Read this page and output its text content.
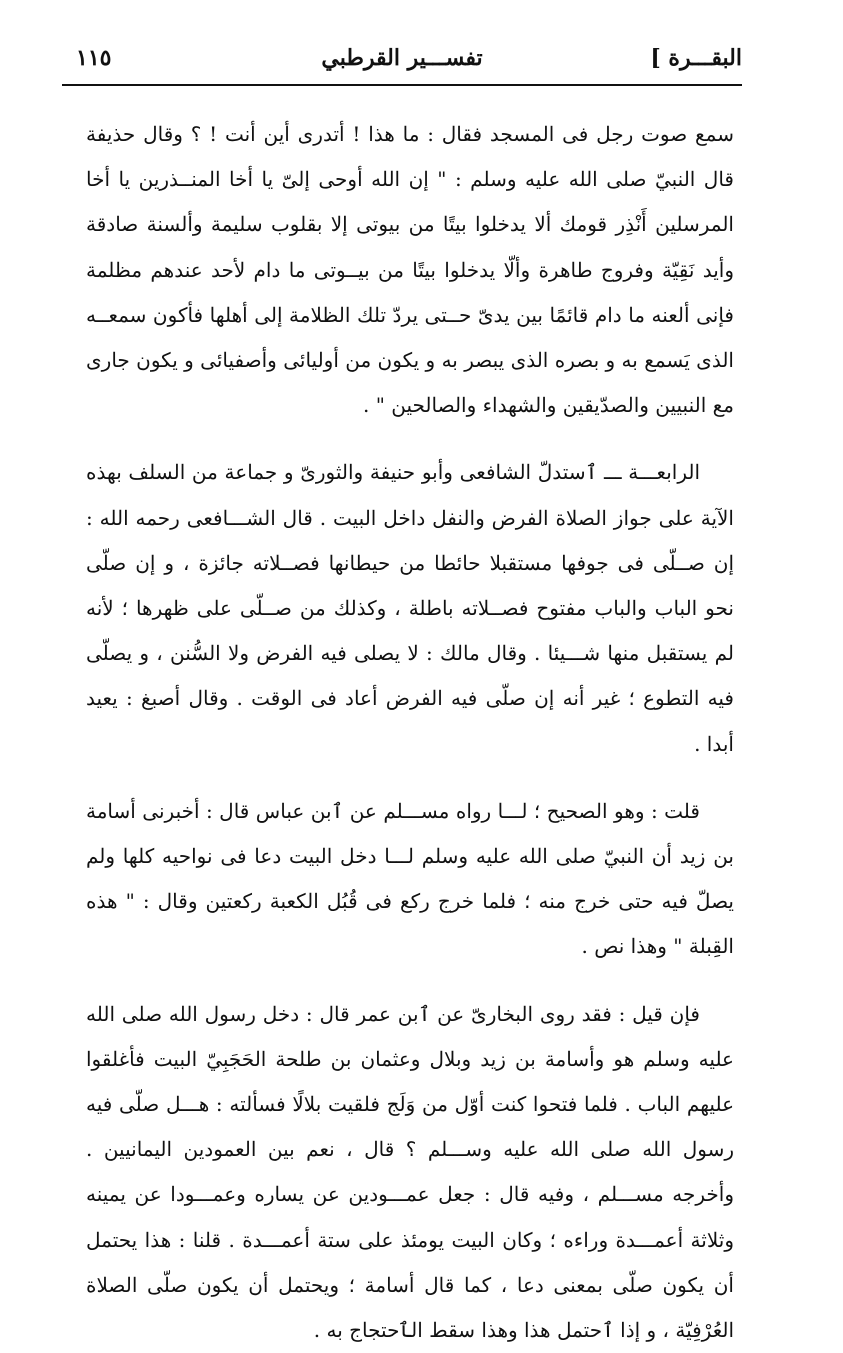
البقـــرة ]
تفســـير القرطبي
١١٥

سمع صوت رجل فى المسجد فقال : ما هذا ! أتدرى أين أنت ! ؟ وقال حذيفة قال النبيّ صلى الله عليه وسلم : " إن الله أوحى إلىّ يا أخا المنــذرين يا أخا المرسلين أَنْذِر قومك ألا يدخلوا بيتًا من بيوتى إلا بقلوب سليمة وألسنة صادقة وأيد نَقِيّة وفروج طاهرة وألّا يدخلوا بيتًا من بيــوتى ما دام لأحد عندهم مظلمة فإنى ألعنه ما دام قائمًا بين يدىّ حــتى يردّ تلك الظلامة إلى أهلها فأكون سمعــه الذى يَسمع به و بصره الذى يبصر به و يكون من أوليائى وأصفيائى و يكون جارى مع النبيين والصدّيقين والشهداء والصالحين " .

الرابعـــة ـــ ٱستدلّ الشافعى وأبو حنيفة والثورىّ و جماعة من السلف بهذه الآية على جواز الصلاة الفرض والنفل داخل البيت . قال الشـــافعى رحمه الله : إن صــلّى فى جوفها مستقبلا حائطا من حيطانها فصــلاته جائزة ، و إن صلّى نحو الباب والباب مفتوح فصــلاته باطلة ، وكذلك من صــلّى على ظهرها ؛ لأنه لم يستقبل منها شـــيئا . وقال مالك : لا يصلى فيه الفرض ولا السُّنن ، و يصلّى فيه التطوع ؛ غير أنه إن صلّى فيه الفرض أعاد فى الوقت . وقال أصبغ : يعيد أبدا .

قلت : وهو الصحيح ؛ لـــا رواه مســـلم عن ٱبن عباس قال : أخبرنى أسامة بن زيد أن النبيّ صلى الله عليه وسلم لـــا دخل البيت دعا فى نواحيه كلها ولم يصلّ فيه حتى خرج منه ؛ فلما خرج ركع فى قُبُل الكعبة ركعتين وقال : " هذه القِبلة " وهذا نص .

فإن قيل : فقد روى البخارىّ عن ٱبن عمر قال : دخل رسول الله صلى الله عليه وسلم هو وأسامة بن زيد وبلال وعثمان بن طلحة الحَجَبِيّ البيت فأغلقوا عليهم الباب . فلما فتحوا كنت أوّل من وَلَج فلقيت بلالًا فسألته : هـــل صلّى فيه رسول الله صلى الله عليه وســـلم ؟ قال ، نعم بين العمودين اليمانيين . وأخرجه مســـلم ، وفيه قال : جعل عمـــودين عن يساره وعمـــودا عن يمينه وثلاثة أعمـــدة وراءه ؛ وكان البيت يومئذ على ستة أعمـــدة . قلنا : هذا يحتمل أن يكون صلّى بمعنى دعا ، كما قال أسامة ؛ ويحتمل أن يكون صلّى الصلاة العُرْفِيّة ، و إذا ٱحتمل هذا وهذا سقط الٱحتجاج به .
